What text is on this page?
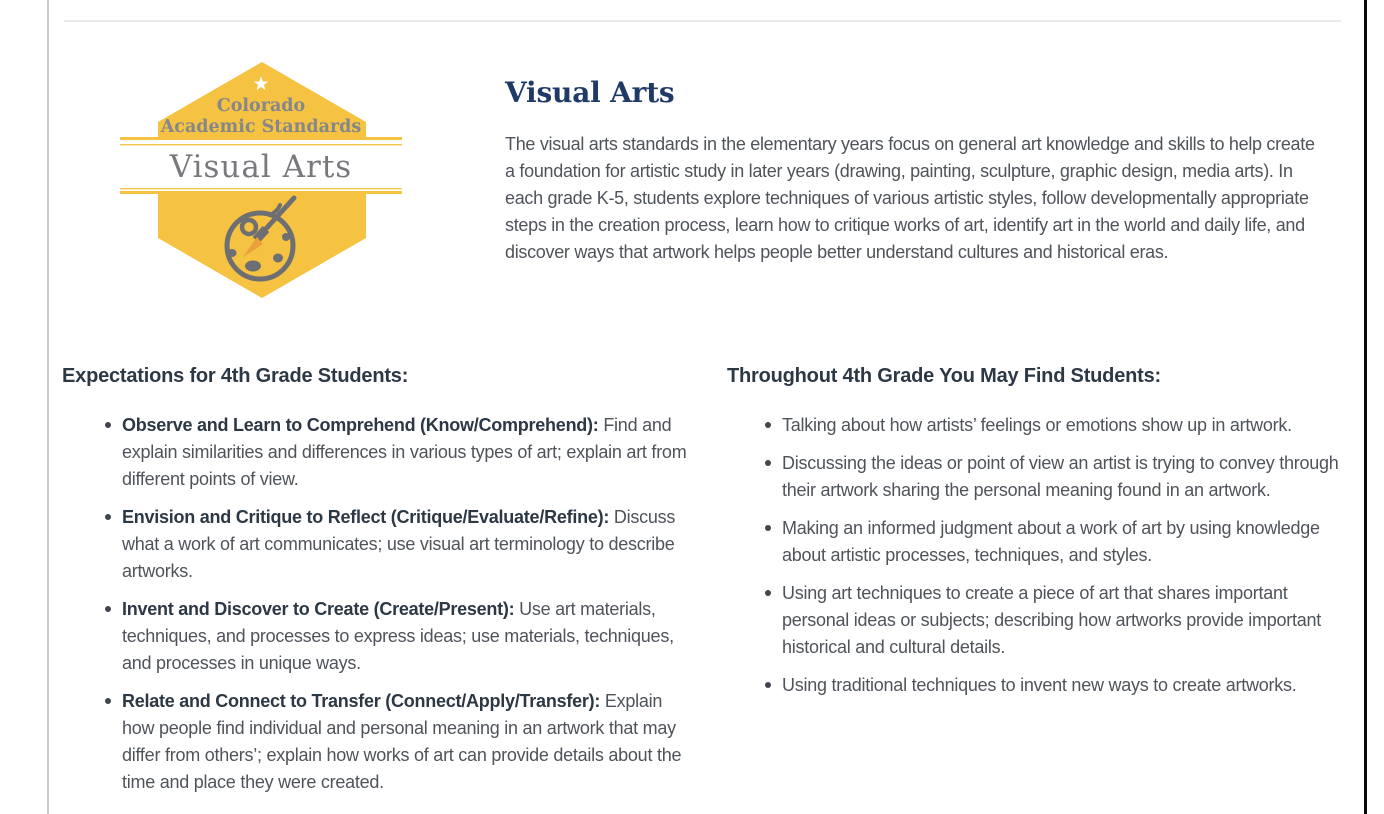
★
Colorado
Academic Standards
Visual Arts
Visual Arts

The visual arts standards in the elementary years focus on general art knowledge and skills to help create a foundation for artistic study in later years (drawing, painting, sculpture, graphic design, media arts). In each grade K-5, students explore techniques of various artistic styles, follow developmentally appropriate steps in the creation process, learn how to critique works of art, identify art in the world and daily life, and discover ways that artwork helps people better understand cultures and historical eras.

Expectations for 4th Grade Students:
Observe and Learn to Comprehend (Know/Comprehend): Find and explain similarities and differences in various types of art; explain art from different points of view.
Envision and Critique to Reflect (Critique/Evaluate/Refine): Discuss what a work of art communicates; use visual art terminology to describe artworks.
Invent and Discover to Create (Create/Present): Use art materials, techniques, and processes to express ideas; use materials, techniques, and processes in unique ways.
Relate and Connect to Transfer (Connect/Apply/Transfer): Explain how people find individual and personal meaning in an artwork that may differ from others’; explain how works of art can provide details about the time and place they were created.
Throughout 4th Grade You May Find Students:
Talking about how artists’ feelings or emotions show up in artwork.
Discussing the ideas or point of view an artist is trying to convey through their artwork sharing the personal meaning found in an artwork.
Making an informed judgment about a work of art by using knowledge about artistic processes, techniques, and styles.
Using art techniques to create a piece of art that shares important personal ideas or subjects; describing how artworks provide important historical and cultural details.
Using traditional techniques to invent new ways to create artworks.
